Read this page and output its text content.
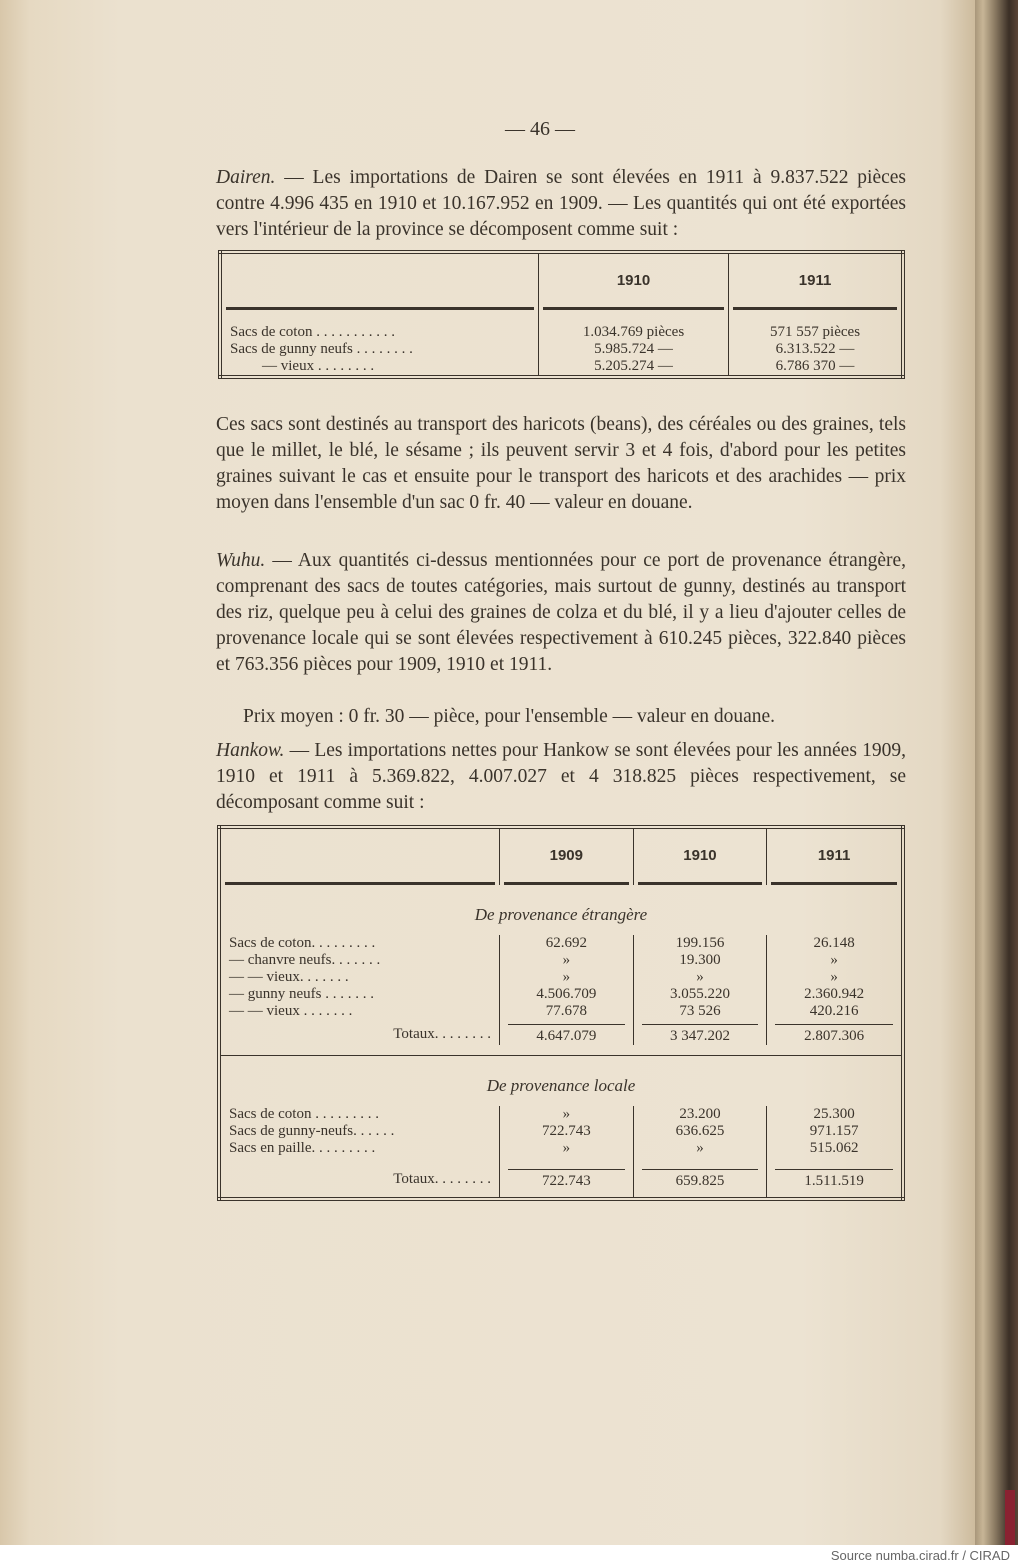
— 46 —
Dairen. — Les importations de Dairen se sont élevées en 1911 à 9.837.522 pièces contre 4.996 435 en 1910 et 10.167.952 en 1909. — Les quantités qui ont été exportées vers l'intérieur de la province se décomposent comme suit :
	1910	1911

Sacs de coton . . . . . . . . . . .	1.034.769 pièces	571 557 pièces
Sacs de gunny neufs . . . . . . . .	5.985.724 —	6.313.522 —
— vieux . . . . . . . .	5.205.274 —	6.786 370 —
Ces sacs sont destinés au transport des haricots (beans), des céréales ou des graines, tels que le millet, le blé, le sésame ; ils peuvent servir 3 et 4 fois, d'abord pour les petites graines suivant le cas et ensuite pour le transport des haricots et des arachides — prix moyen dans l'ensemble d'un sac 0 fr. 40 — valeur en douane.
Wuhu. — Aux quantités ci-dessus mentionnées pour ce port de provenance étrangère, comprenant des sacs de toutes catégories, mais surtout de gunny, destinés au transport des riz, quelque peu à celui des graines de colza et du blé, il y a lieu d'ajouter celles de provenance locale qui se sont élevées respectivement à 610.245 pièces, 322.840 pièces et 763.356 pièces pour 1909, 1910 et 1911.
Prix moyen : 0 fr. 30 — pièce, pour l'ensemble — valeur en douane.
Hankow. — Les importations nettes pour Hankow se sont élevées pour les années 1909, 1910 et 1911 à 5.369.822, 4.007.027 et 4 318.825 pièces respectivement, se décomposant comme suit :
	1909	1910	1911

De provenance étrangère			
Sacs de coton. . . . . . . . .	62.692	199.156	26.148
— chanvre neufs. . . . . . .	»	19.300	»
— — vieux. . . . . . .	»	»	»
— gunny neufs . . . . . . .	4.506.709	3.055.220	2.360.942
— — vieux . . . . . . .	77.678	73 526	420.216
Totaux. . . . . . . .	4.647.079	3 347.202	2.807.306

De provenance locale			
Sacs de coton . . . . . . . . .	»	23.200	25.300
Sacs de gunny-neufs. . . . . .	722.743	636.625	971.157
Sacs en paille. . . . . . . . .	»	»	515.062
Totaux. . . . . . . .	722.743	659.825	1.511.519
Source numba.cirad.fr / CIRAD
